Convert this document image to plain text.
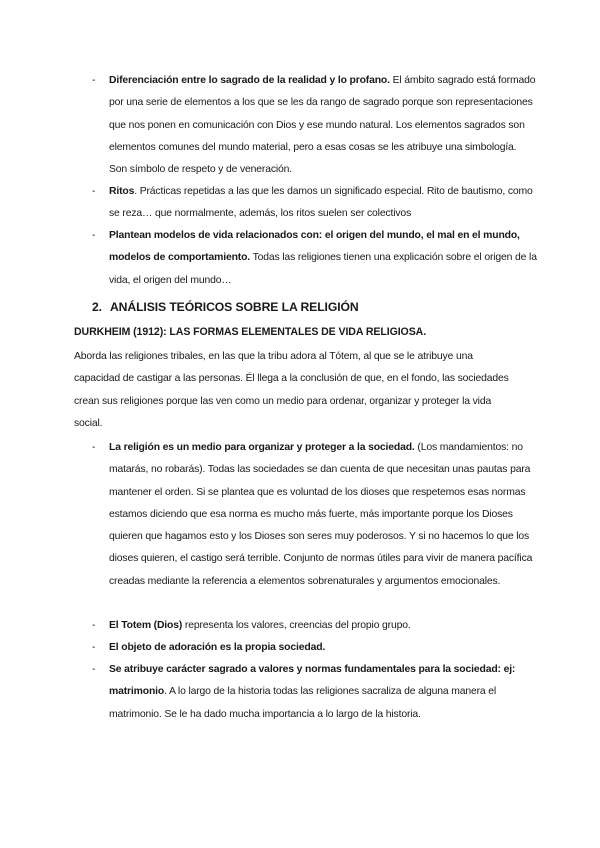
- Diferenciación entre lo sagrado de la realidad y lo profano. El ámbito sagrado está formado por una serie de elementos a los que se les da rango de sagrado porque son representaciones que nos ponen en comunicación con Dios y ese mundo natural. Los elementos sagrados son elementos comunes del mundo material, pero a esas cosas se les atribuye una simbología. Son símbolo de respeto y de veneración.
- Ritos. Prácticas repetidas a las que les damos un significado especial. Rito de bautismo, como se reza… que normalmente, además, los ritos suelen ser colectivos
- Plantean modelos de vida relacionados con: el origen del mundo, el mal en el mundo, modelos de comportamiento. Todas las religiones tienen una explicación sobre el origen de la vida, el origen del mundo…
2. ANÁLISIS TEÓRICOS SOBRE LA RELIGIÓN
DURKHEIM (1912): LAS FORMAS ELEMENTALES DE VIDA RELIGIOSA.
Aborda las religiones tribales, en las que la tribu adora al Tótem, al que se le atribuye una capacidad de castigar a las personas. Él llega a la conclusión de que, en el fondo, las sociedades crean sus religiones porque las ven como un medio para ordenar, organizar y proteger la vida social.
- La religión es un medio para organizar y proteger a la sociedad. (Los mandamientos: no matarás, no robarás). Todas las sociedades se dan cuenta de que necesitan unas pautas para mantener el orden. Si se plantea que es voluntad de los dioses que respetemos esas normas estamos diciendo que esa norma es mucho más fuerte, más importante porque los Dioses quieren que hagamos esto y los Dioses son seres muy poderosos. Y si no hacemos lo que los dioses quieren, el castigo será terrible. Conjunto de normas útiles para vivir de manera pacífica creadas mediante la referencia a elementos sobrenaturales y argumentos emocionales.
- El Totem (Dios) representa los valores, creencias del propio grupo.
- El objeto de adoración es la propia sociedad.
- Se atribuye carácter sagrado a valores y normas fundamentales para la sociedad: ej: matrimonio. A lo largo de la historia todas las religiones sacraliza de alguna manera el matrimonio. Se le ha dado mucha importancia a lo largo de la historia.
